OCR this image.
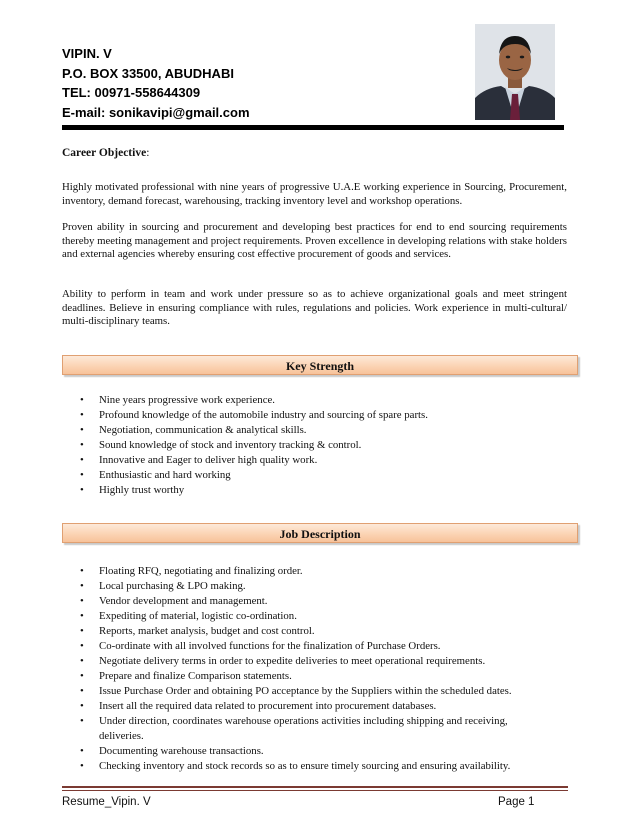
VIPIN. V
P.O. BOX 33500, ABUDHABI
TEL: 00971-558644309
E-mail: sonikavipi@gmail.com
Career Objective:
Highly motivated professional with nine years of progressive U.A.E working experience in Sourcing, Procurement, inventory, demand forecast, warehousing, tracking inventory level and workshop operations.
Proven ability in sourcing and procurement and developing best practices for end to end sourcing requirements thereby meeting management and project requirements. Proven excellence in developing relations with stake holders and external agencies whereby ensuring cost effective procurement of goods and services.
Ability to perform in team and work under pressure so as to achieve organizational goals and meet stringent deadlines. Believe in ensuring compliance with rules, regulations and policies. Work experience in multi-cultural/ multi-disciplinary teams.
Key Strength
• Nine years progressive work experience.
• Profound knowledge of the automobile industry and sourcing of spare parts.
• Negotiation, communication & analytical skills.
• Sound knowledge of stock and inventory tracking & control.
• Innovative and Eager to deliver high quality work.
• Enthusiastic and hard working
• Highly trust worthy
Job Description
• Floating RFQ, negotiating and finalizing order.
• Local purchasing & LPO making.
• Vendor development and management.
• Expediting of material, logistic co-ordination.
• Reports, market analysis, budget and cost control.
• Co-ordinate with all involved functions for the finalization of Purchase Orders.
• Negotiate delivery terms in order to expedite deliveries to meet operational requirements.
• Prepare and finalize Comparison statements.
• Issue Purchase Order and obtaining PO acceptance by the Suppliers within the scheduled dates.
• Insert all the required data related to procurement into procurement databases.
• Under direction, coordinates warehouse operations activities including shipping and receiving, deliveries.
• Documenting warehouse transactions.
• Checking inventory and stock records so as to ensure timely sourcing and ensuring availability.
Resume_Vipin. V	Page 1
